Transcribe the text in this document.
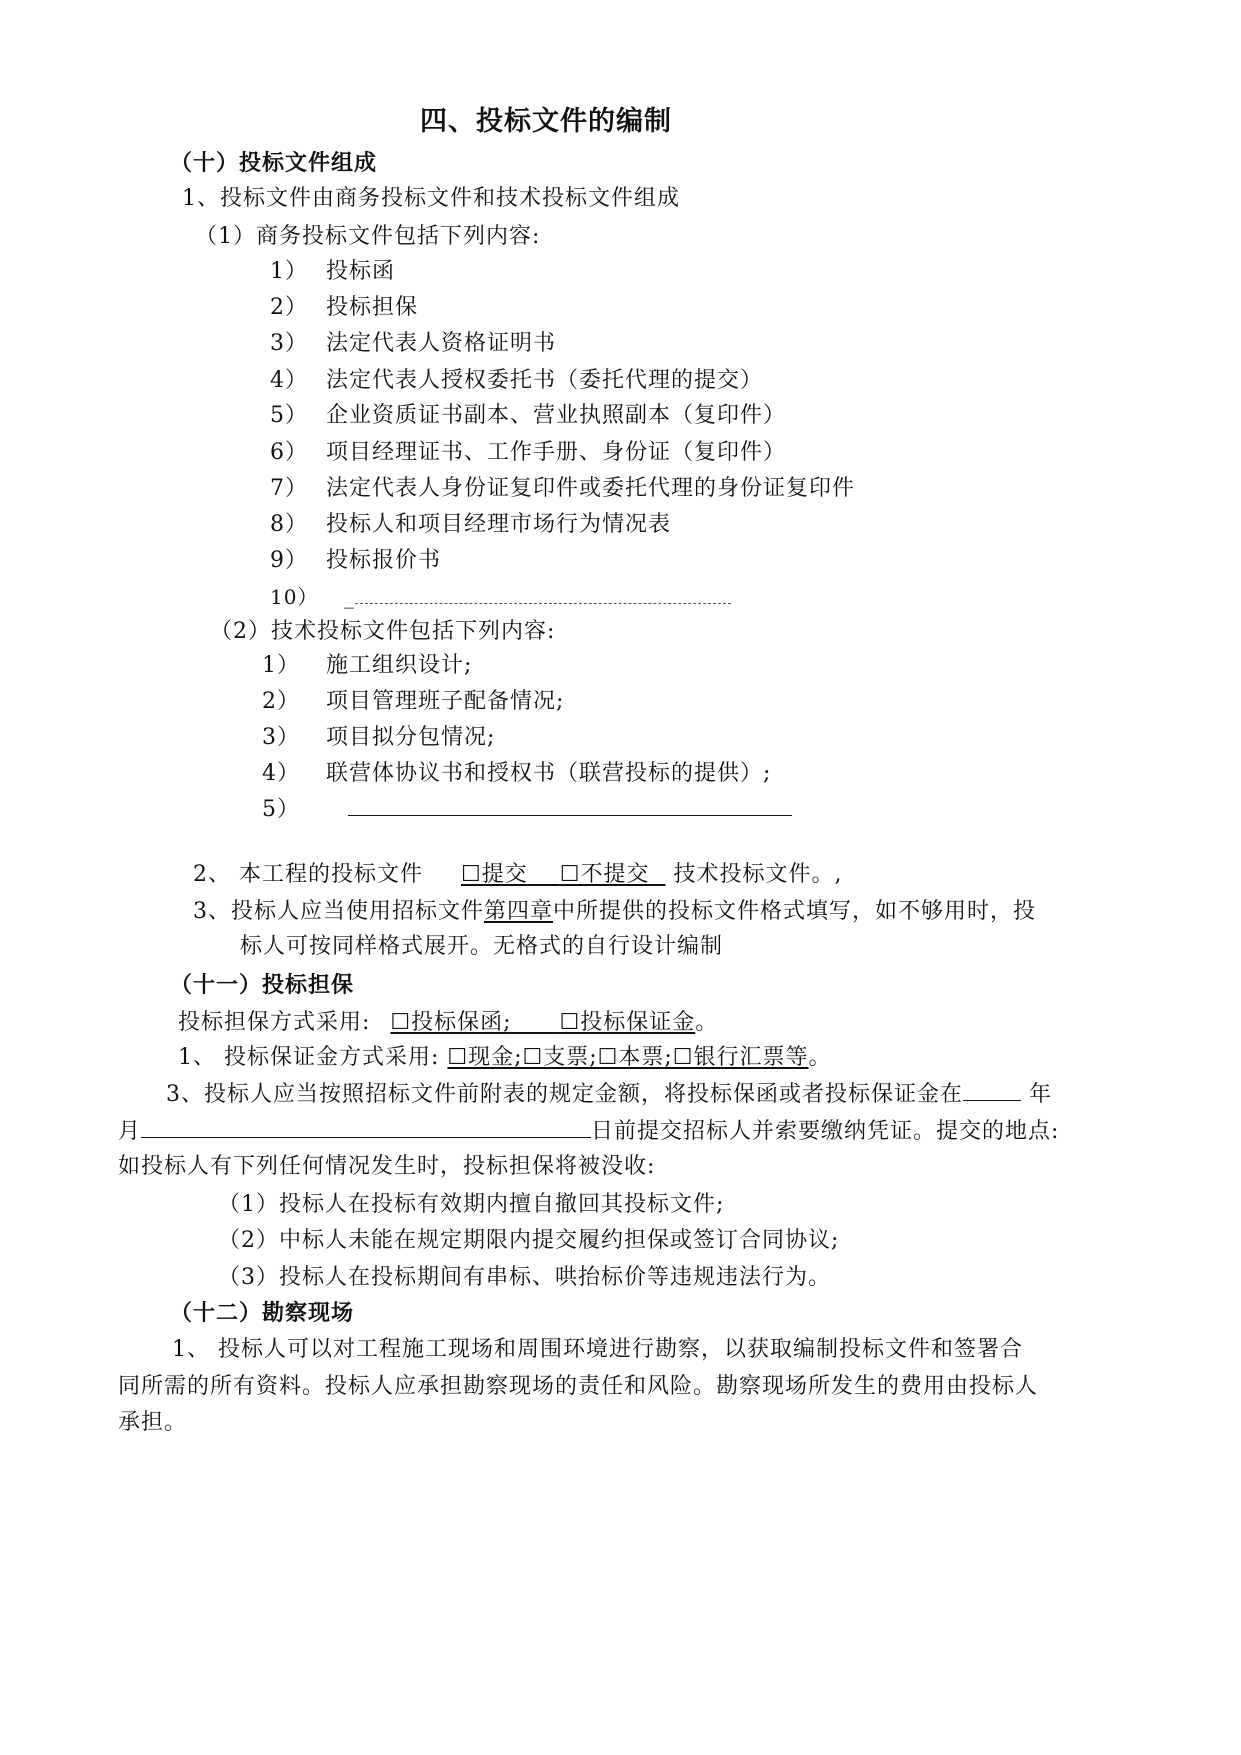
四、投标文件的编制
（十）投标文件组成
1、投标文件由商务投标文件和技术投标文件组成
（1）商务投标文件包括下列内容:
1） 投标函
2） 投标担保
3） 法定代表人资格证明书
4） 法定代表人授权委托书（委托代理的提交）
5） 企业资质证书副本、营业执照副本（复印件）
6） 项目经理证书、工作手册、身份证（复印件）
7） 法定代表人身份证复印件或委托代理的身份证复印件
8） 投标人和项目经理市场行为情况表
9） 投标报价书
10） _
（2）技术投标文件包括下列内容:
1） 施工组织设计;
2） 项目管理班子配备情况;
3） 项目拟分包情况;
4） 联营体协议书和授权书（联营投标的提供）;
5）
2、 本工程的投标文件 ☐提交 ☐不提交 技术投标文件。,
3、投标人应当使用招标文件第四章中所提供的投标文件格式填写，如不够用时，投
标人可按同样格式展开。无格式的自行设计编制
（十一）投标担保
投标担保方式采用: ☐投标保函; ☐投标保证金。
1、 投标保证金方式采用: ☐现金;☐支票;☐本票;☐银行汇票等。
3、投标人应当按照招标文件前附表的规定金额，将投标保函或者投标保证金在	年
月	日前提交招标人并索要缴纳凭证。提交的地点:
如投标人有下列任何情况发生时，投标担保将被没收:
（1）投标人在投标有效期内擅自撤回其投标文件;
（2）中标人未能在规定期限内提交履约担保或签订合同协议;
（3）投标人在投标期间有串标、哄抬标价等违规违法行为。
（十二）勘察现场
1、 投标人可以对工程施工现场和周围环境进行勘察，以获取编制投标文件和签署合
同所需的所有资料。投标人应承担勘察现场的责任和风险。勘察现场所发生的费用由投标人
承担。
